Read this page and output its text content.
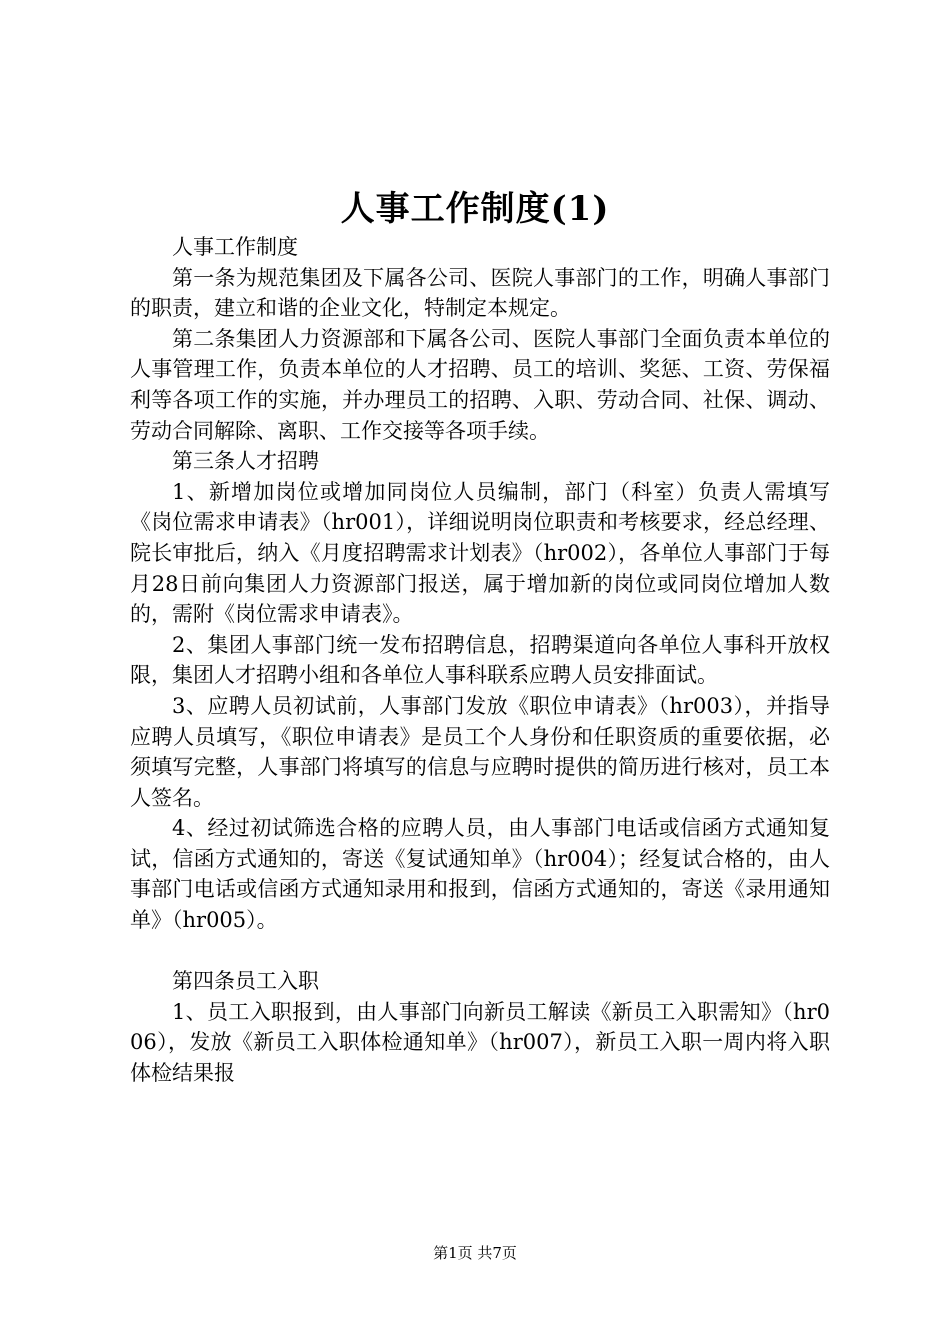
人事工作制度(1)

人事工作制度

第一条为规范集团及下属各公司、医院人事部门的工作，明确人事部门的职责，建立和谐的企业文化，特制定本规定。

第二条集团人力资源部和下属各公司、医院人事部门全面负责本单位的人事管理工作，负责本单位的人才招聘、员工的培训、奖惩、工资、劳保福利等各项工作的实施，并办理员工的招聘、入职、劳动合同、社保、调动、劳动合同解除、离职、工作交接等各项手续。

第三条人才招聘

1、新增加岗位或增加同岗位人员编制，部门（科室）负责人需填写《岗位需求申请表》（hr001），详细说明岗位职责和考核要求，经总经理、院长审批后，纳入《月度招聘需求计划表》（hr002），各单位人事部门于每月28日前向集团人力资源部门报送，属于增加新的岗位或同岗位增加人数的，需附《岗位需求申请表》。

2、集团人事部门统一发布招聘信息，招聘渠道向各单位人事科开放权限，集团人才招聘小组和各单位人事科联系应聘人员安排面试。

3、应聘人员初试前，人事部门发放《职位申请表》（hr003），并指导应聘人员填写，《职位申请表》是员工个人身份和任职资质的重要依据，必须填写完整，人事部门将填写的信息与应聘时提供的简历进行核对，员工本人签名。

4、经过初试筛选合格的应聘人员，由人事部门电话或信函方式通知复试，信函方式通知的，寄送《复试通知单》（hr004）；经复试合格的，由人事部门电话或信函方式通知录用和报到，信函方式通知的，寄送《录用通知单》（hr005）。

第四条员工入职

1、员工入职报到，由人事部门向新员工解读《新员工入职需知》（hr006），发放《新员工入职体检通知单》（hr007），新员工入职一周内将入职体检结果报

第1页 共7页
